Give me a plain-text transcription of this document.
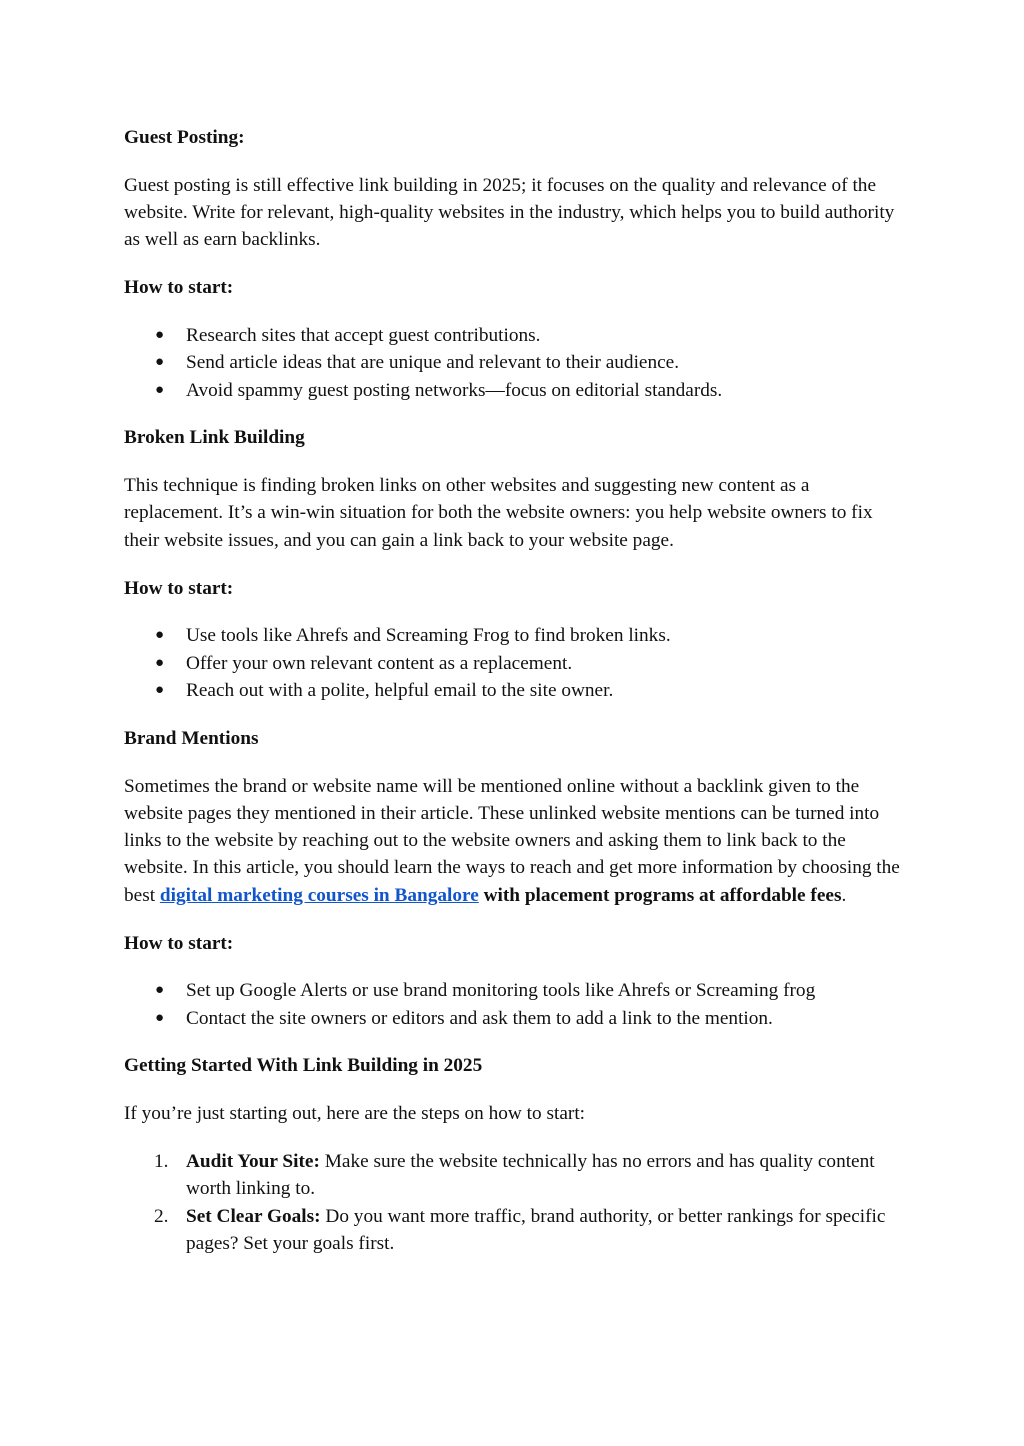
Guest Posting:

Guest posting is still effective link building in 2025; it focuses on the quality and relevance of the website. Write for relevant, high-quality websites in the industry, which helps you to build authority as well as earn backlinks.

How to start:
● Research sites that accept guest contributions.
● Send article ideas that are unique and relevant to their audience.
● Avoid spammy guest posting networks—focus on editorial standards.
Broken Link Building

This technique is finding broken links on other websites and suggesting new content as a replacement. It’s a win-win situation for both the website owners: you help website owners to fix their website issues, and you can gain a link back to your website page.

How to start:
● Use tools like Ahrefs and Screaming Frog to find broken links.
● Offer your own relevant content as a replacement.
● Reach out with a polite, helpful email to the site owner.
Brand Mentions

Sometimes the brand or website name will be mentioned online without a backlink given to the website pages they mentioned in their article. These unlinked website mentions can be turned into links to the website by reaching out to the website owners and asking them to link back to the website. In this article, you should learn the ways to reach and get more information by choosing the best digital marketing courses in Bangalore with placement programs at affordable fees.

How to start:
● Set up Google Alerts or use brand monitoring tools like Ahrefs or Screaming frog
● Contact the site owners or editors and ask them to add a link to the mention.
Getting Started With Link Building in 2025

If you’re just starting out, here are the steps on how to start:

1. Audit Your Site: Make sure the website technically has no errors and has quality content worth linking to.
2. Set Clear Goals: Do you want more traffic, brand authority, or better rankings for specific pages? Set your goals first.
